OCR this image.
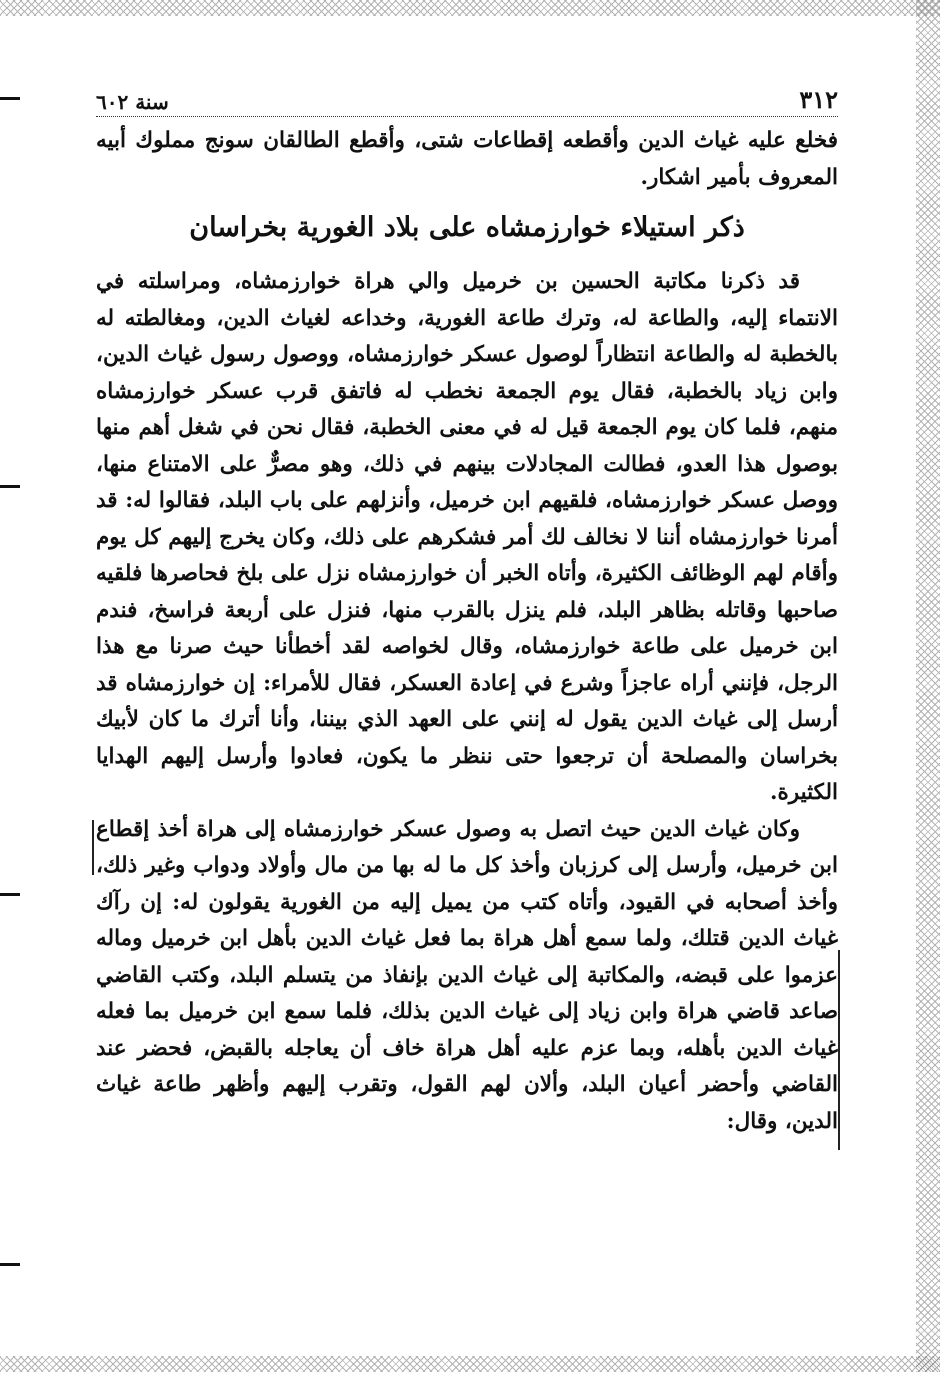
٣١٢
سنة ٦٠٢

فخلع عليه غياث الدين وأقطعه إقطاعات شتى، وأقطع الطالقان سونج مملوك أبيه المعروف بأمير اشكار.

ذكر استيلاء خوارزمشاه على بلاد الغورية بخراسان

قد ذكرنا مكاتبة الحسين بن خرميل والي هراة خوارزمشاه، ومراسلته في الانتماء إليه، والطاعة له، وترك طاعة الغورية، وخداعه لغياث الدين، ومغالطته له بالخطبة له والطاعة انتظاراً لوصول عسكر خوارزمشاه، ووصول رسول غياث الدين، وابن زياد بالخطبة، فقال يوم الجمعة نخطب له فاتفق قرب عسكر خوارزمشاه منهم، فلما كان يوم الجمعة قيل له في معنى الخطبة، فقال نحن في شغل أهم منها بوصول هذا العدو، فطالت المجادلات بينهم في ذلك، وهو مصرٌّ على الامتناع منها، ووصل عسكر خوارزمشاه، فلقيهم ابن خرميل، وأنزلهم على باب البلد، فقالوا له: قد أمرنا خوارزمشاه أننا لا نخالف لك أمر فشكرهم على ذلك، وكان يخرج إليهم كل يوم وأقام لهم الوظائف الكثيرة، وأتاه الخبر أن خوارزمشاه نزل على بلخ فحاصرها فلقيه صاحبها وقاتله بظاهر البلد، فلم ينزل بالقرب منها، فنزل على أربعة فراسخ، فندم ابن خرميل على طاعة خوارزمشاه، وقال لخواصه لقد أخطأنا حيث صرنا مع هذا الرجل، فإنني أراه عاجزاً وشرع في إعادة العسكر، فقال للأمراء: إن خوارزمشاه قد أرسل إلى غياث الدين يقول له إنني على العهد الذي بيننا، وأنا أترك ما كان لأبيك بخراسان والمصلحة أن ترجعوا حتى ننظر ما يكون، فعادوا وأرسل إليهم الهدايا الكثيرة.

وكان غياث الدين حيث اتصل به وصول عسكر خوارزمشاه إلى هراة أخذ إقطاع ابن خرميل، وأرسل إلى كرزبان وأخذ كل ما له بها من مال وأولاد ودواب وغير ذلك، وأخذ أصحابه في القيود، وأتاه كتب من يميل إليه من الغورية يقولون له: إن رآك غياث الدين قتلك، ولما سمع أهل هراة بما فعل غياث الدين بأهل ابن خرميل وماله عزموا على قبضه، والمكاتبة إلى غياث الدين بإنفاذ من يتسلم البلد، وكتب القاضي صاعد قاضي هراة وابن زياد إلى غياث الدين بذلك، فلما سمع ابن خرميل بما فعله غياث الدين بأهله، وبما عزم عليه أهل هراة خاف أن يعاجله بالقبض، فحضر عند القاضي وأحضر أعيان البلد، وألان لهم القول، وتقرب إليهم وأظهر طاعة غياث الدين، وقال:
